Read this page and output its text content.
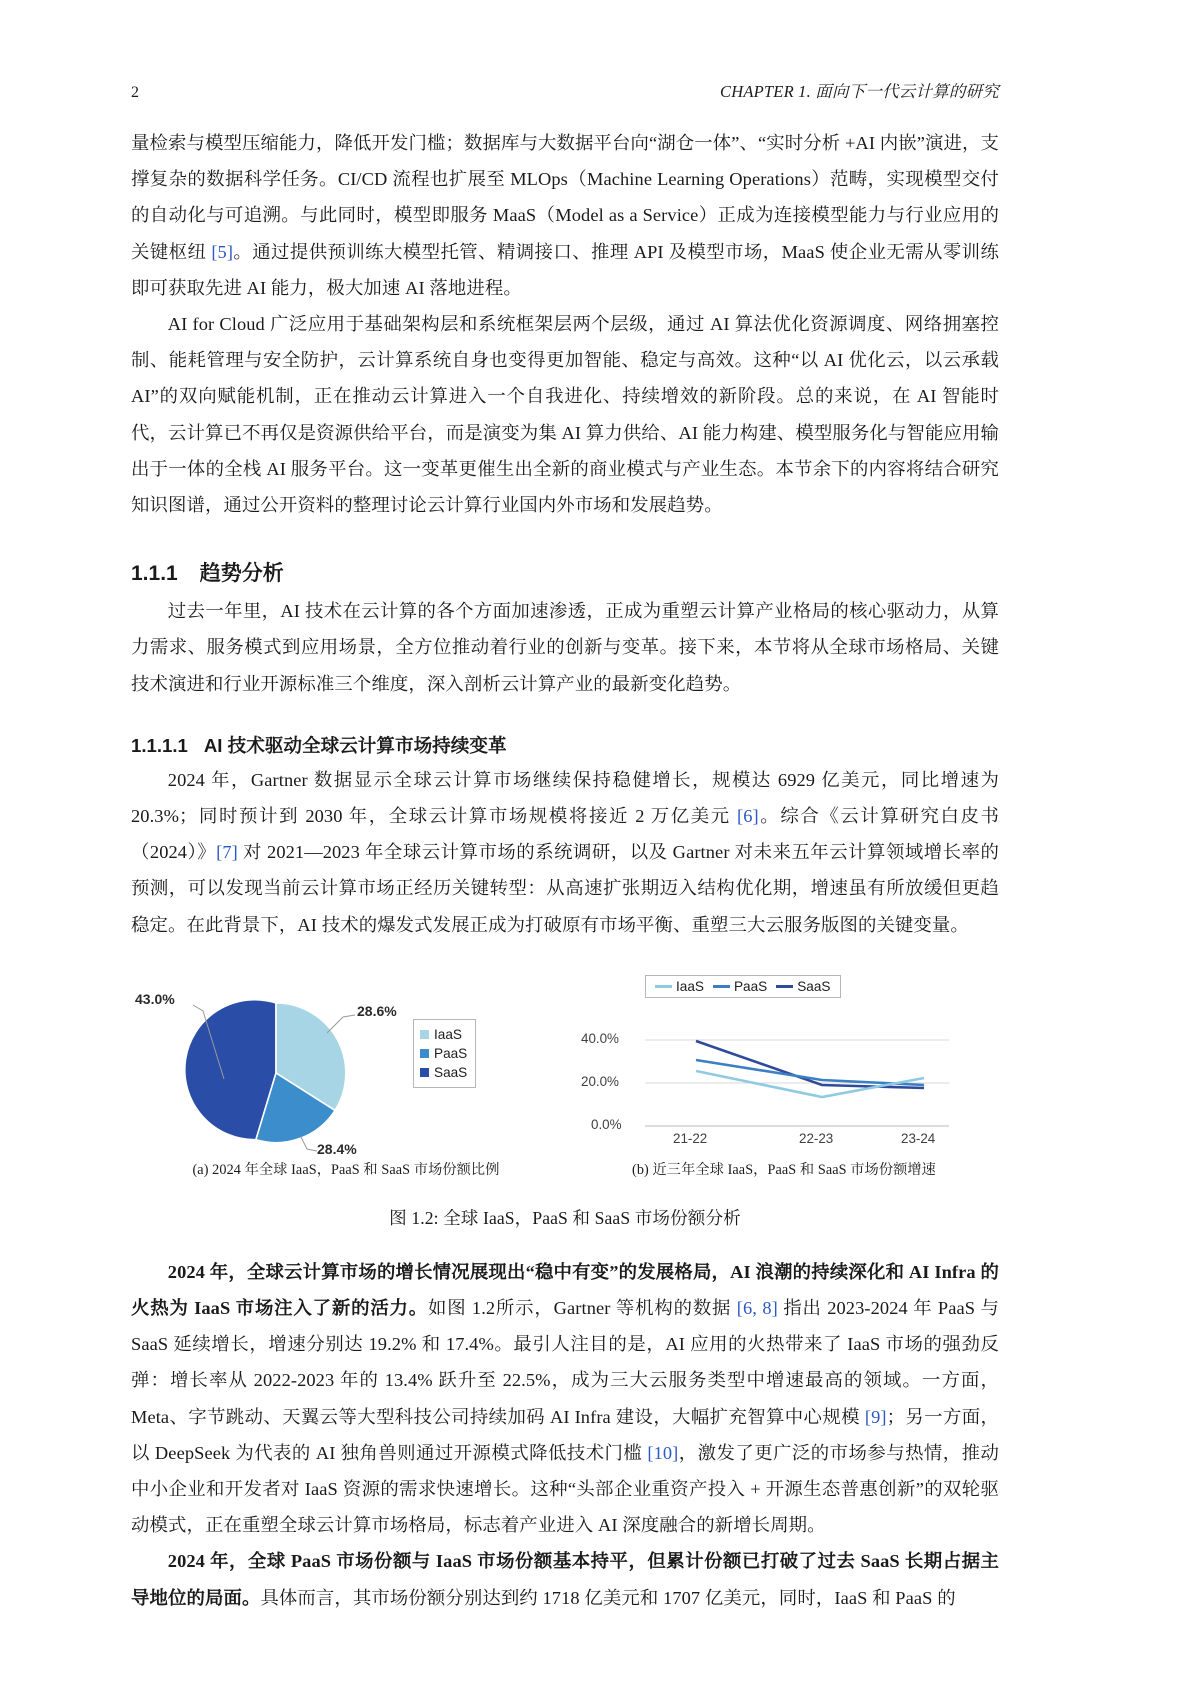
2	CHAPTER 1. 面向下一代云计算的研究

量检索与模型压缩能力，降低开发门槛；数据库与大数据平台向“湖仓一体”、“实时分析 +AI 内嵌”演进，支撑复杂的数据科学任务。CI/CD 流程也扩展至 MLOps（Machine Learning Operations）范畴，实现模型交付的自动化与可追溯。与此同时，模型即服务 MaaS（Model as a Service）正成为连接模型能力与行业应用的关键枢纽 [5]。通过提供预训练大模型托管、精调接口、推理 API 及模型市场，MaaS 使企业无需从零训练即可获取先进 AI 能力，极大加速 AI 落地进程。

AI for Cloud 广泛应用于基础架构层和系统框架层两个层级，通过 AI 算法优化资源调度、网络拥塞控制、能耗管理与安全防护，云计算系统自身也变得更加智能、稳定与高效。这种“以 AI 优化云，以云承载 AI”的双向赋能机制，正在推动云计算进入一个自我进化、持续增效的新阶段。总的来说，在 AI 智能时代，云计算已不再仅是资源供给平台，而是演变为集 AI 算力供给、AI 能力构建、模型服务化与智能应用输出于一体的全栈 AI 服务平台。这一变革更催生出全新的商业模式与产业生态。本节余下的内容将结合研究知识图谱，通过公开资料的整理讨论云计算行业国内外市场和发展趋势。

1.1.1 趋势分析

过去一年里，AI 技术在云计算的各个方面加速渗透，正成为重塑云计算产业格局的核心驱动力，从算力需求、服务模式到应用场景，全方位推动着行业的创新与变革。接下来，本节将从全球市场格局、关键技术演进和行业开源标准三个维度，深入剖析云计算产业的最新变化趋势。

1.1.1.1 AI 技术驱动全球云计算市场持续变革

2024 年，Gartner 数据显示全球云计算市场继续保持稳健增长，规模达 6929 亿美元，同比增速为 20.3%；同时预计到 2030 年，全球云计算市场规模将接近 2 万亿美元 [6]。综合《云计算研究白皮书（2024）》[7] 对 2021—2023 年全球云计算市场的系统调研，以及 Gartner 对未来五年云计算领域增长率的预测，可以发现当前云计算市场正经历关键转型：从高速扩张期迈入结构优化期，增速虽有所放缓但更趋稳定。在此背景下，AI 技术的爆发式发展正成为打破原有市场平衡、重塑三大云服务版图的关键变量。

43.0%
28.6%
28.4%
IaaS
PaaS
SaaS
(a) 2024 年全球 IaaS，PaaS 和 SaaS 市场份额比例
40.0%
20.0%
0.0%
21-22	22-23	23-24
IaaS PaaS SaaS
(b) 近三年全球 IaaS，PaaS 和 SaaS 市场份额增速
图 1.2: 全球 IaaS，PaaS 和 SaaS 市场份额分析

2024 年，全球云计算市场的增长情况展现出“稳中有变”的发展格局，AI 浪潮的持续深化和 AI Infra 的火热为 IaaS 市场注入了新的活力。如图 1.2所示，Gartner 等机构的数据 [6, 8] 指出 2023-2024 年 PaaS 与 SaaS 延续增长，增速分别达 19.2% 和 17.4%。最引人注目的是，AI 应用的火热带来了 IaaS 市场的强劲反弹：增长率从 2022-2023 年的 13.4% 跃升至 22.5%，成为三大云服务类型中增速最高的领域。一方面，Meta、字节跳动、天翼云等大型科技公司持续加码 AI Infra 建设，大幅扩充智算中心规模 [9]；另一方面，以 DeepSeek 为代表的 AI 独角兽则通过开源模式降低技术门槛 [10]，激发了更广泛的市场参与热情，推动中小企业和开发者对 IaaS 资源的需求快速增长。这种“头部企业重资产投入 + 开源生态普惠创新”的双轮驱动模式，正在重塑全球云计算市场格局，标志着产业进入 AI 深度融合的新增长周期。

2024 年，全球 PaaS 市场份额与 IaaS 市场份额基本持平，但累计份额已打破了过去 SaaS 长期占据主导地位的局面。具体而言，其市场份额分别达到约 1718 亿美元和 1707 亿美元，同时，IaaS 和 PaaS 的
